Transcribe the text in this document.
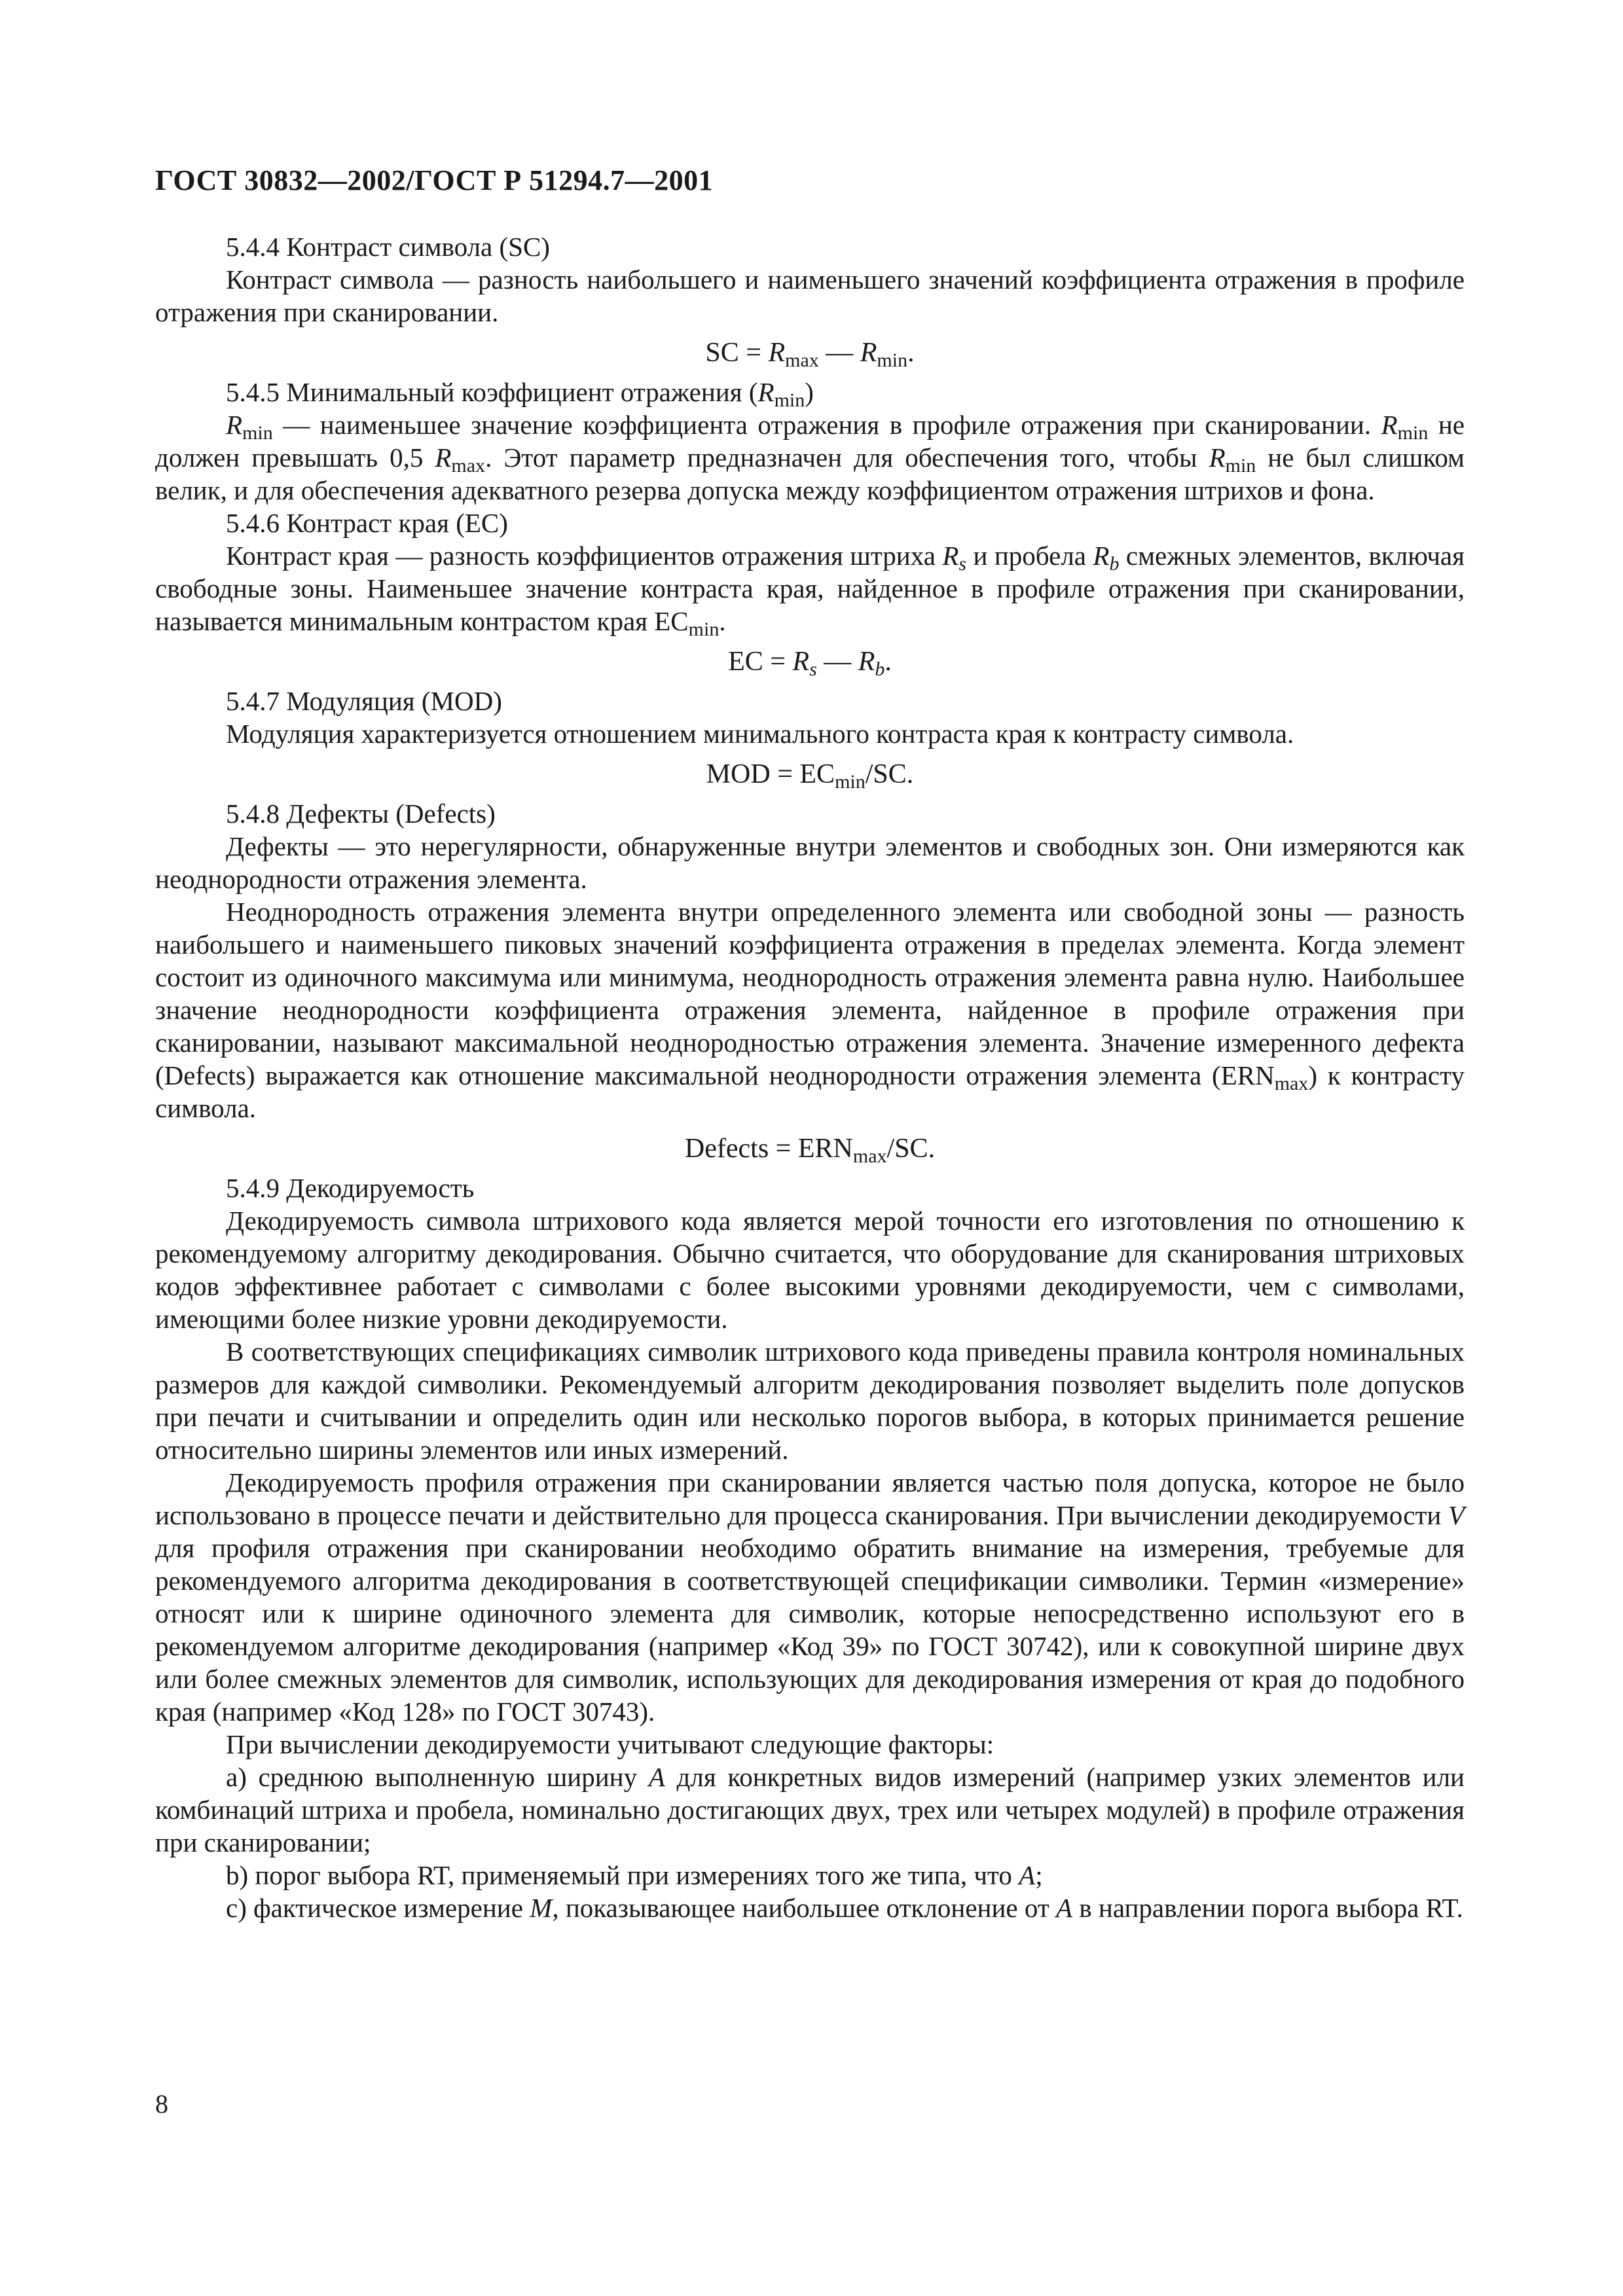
ГОСТ 30832—2002/ГОСТ Р 51294.7—2001

5.4.4 Контраст символа (SC)

Контраст символа — разность наибольшего и наименьшего значений коэффициента отражения в профиле отражения при сканировании.

SC = $R_{max}$ — $R_{min}$.

5.4.5 Минимальный коэффициент отражения $(R_{min})$

$R_{min}$ — наименьшее значение коэффициента отражения в профиле отражения при сканировании. $R_{min}$ не должен превышать 0,5 $R_{max}$. Этот параметр предназначен для обеспечения того, чтобы $R_{min}$ не был слишком велик, и для обеспечения адекватного резерва допуска между коэффициентом отражения штрихов и фона.

5.4.6 Контраст края (EC)

Контраст края — разность коэффициентов отражения штриха $R_s$ и пробела $R_b$ смежных элементов, включая свободные зоны. Наименьшее значение контраста края, найденное в профиле отражения при сканировании, называется минимальным контрастом края $EC_{min}$.

EC = $R_s$ — $R_b$.

5.4.7 Модуляция (MOD)

Модуляция характеризуется отношением минимального контраста края к контрасту символа.

MOD = $EC_{min}/SC$.

5.4.8 Дефекты (Defects)

Дефекты — это нерегулярности, обнаруженные внутри элементов и свободных зон. Они измеряются как неоднородности отражения элемента.

Неоднородность отражения элемента внутри определенного элемента или свободной зоны — разность наибольшего и наименьшего пиковых значений коэффициента отражения в пределах элемента. Когда элемент состоит из одиночного максимума или минимума, неоднородность отражения элемента равна нулю. Наибольшее значение неоднородности коэффициента отражения элемента, найденное в профиле отражения при сканировании, называют максимальной неоднородностью отражения элемента. Значение измеренного дефекта (Defects) выражается как отношение максимальной неоднородности отражения элемента $(ERN_{max})$ к контрасту символа.

Defects = $ERN_{max}/SC$.

5.4.9 Декодируемость

Декодируемость символа штрихового кода является мерой точности его изготовления по отношению к рекомендуемому алгоритму декодирования. Обычно считается, что оборудование для сканирования штриховых кодов эффективнее работает с символами с более высокими уровнями декодируемости, чем с символами, имеющими более низкие уровни декодируемости.

В соответствующих спецификациях символик штрихового кода приведены правила контроля номинальных размеров для каждой символики. Рекомендуемый алгоритм декодирования позволяет выделить поле допусков при печати и считывании и определить один или несколько порогов выбора, в которых принимается решение относительно ширины элементов или иных измерений.

Декодируемость профиля отражения при сканировании является частью поля допуска, которое не было использовано в процессе печати и действительно для процесса сканирования. При вычислении декодируемости V для профиля отражения при сканировании необходимо обратить внимание на измерения, требуемые для рекомендуемого алгоритма декодирования в соответствующей спецификации символики. Термин «измерение» относят или к ширине одиночного элемента для символик, которые непосредственно используют его в рекомендуемом алгоритме декодирования (например «Код 39» по ГОСТ 30742), или к совокупной ширине двух или более смежных элементов для символик, использующих для декодирования измерения от края до подобного края (например «Код 128» по ГОСТ 30743).

При вычислении декодируемости учитывают следующие факторы:

a) среднюю выполненную ширину A для конкретных видов измерений (например узких элементов или комбинаций штриха и пробела, номинально достигающих двух, трех или четырех модулей) в профиле отражения при сканировании;

b) порог выбора RT, применяемый при измерениях того же типа, что A;

c) фактическое измерение M, показывающее наибольшее отклонение от A в направлении порога выбора RT.

8
